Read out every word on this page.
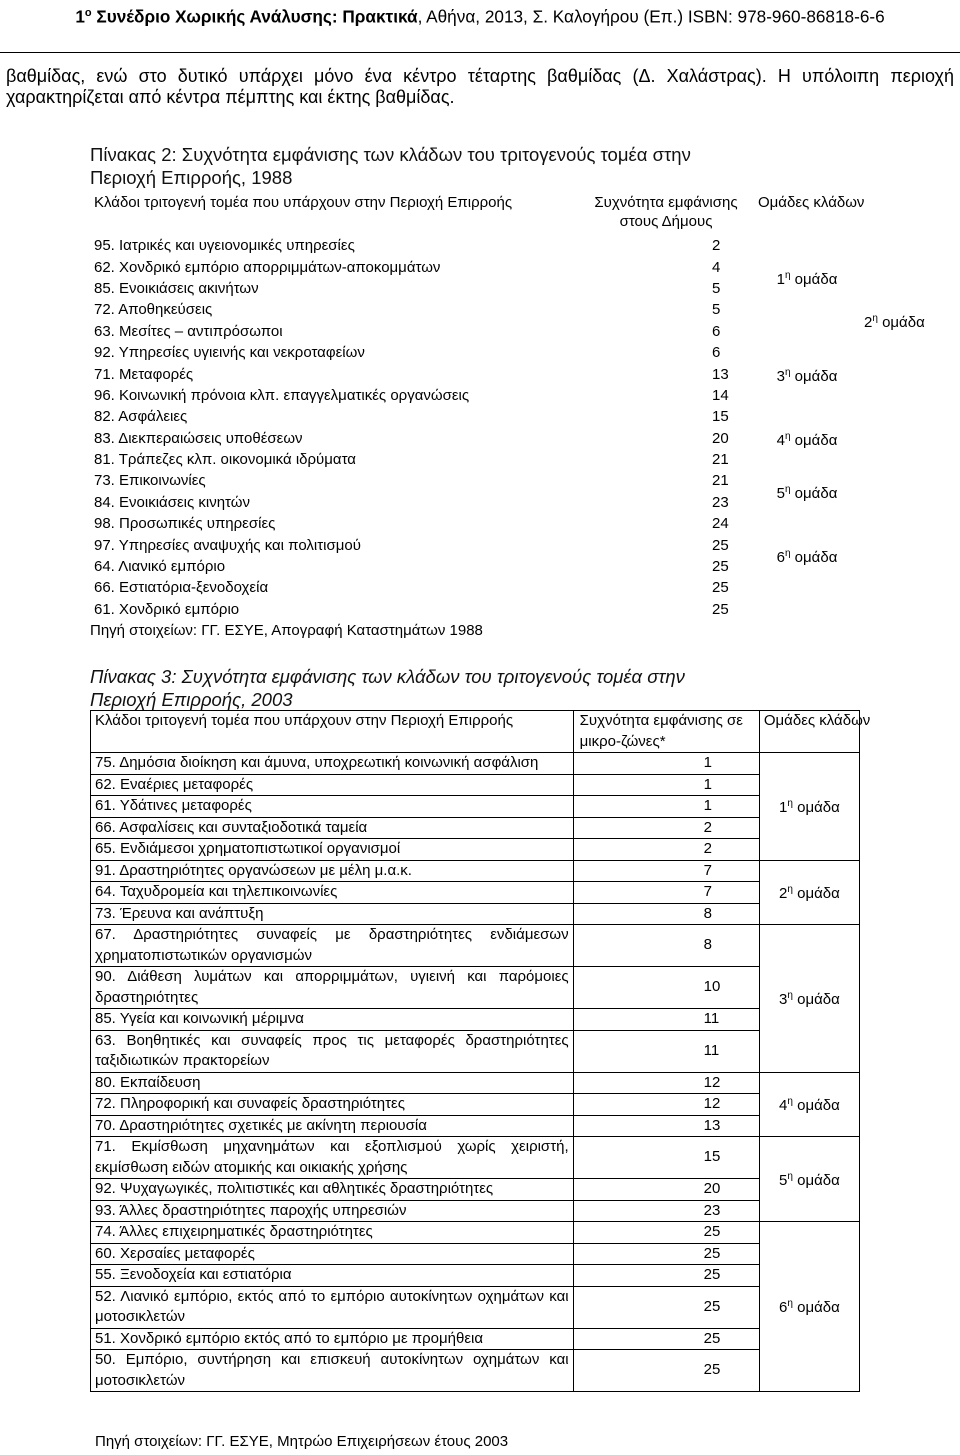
$1^o$ Συνέδριο Χωρικής Ανάλυσης: Πρακτικά, Αθήνα, 2013, Σ. Καλογήρου (Επ.) ISBN: 978-960-86818-6-6

βαθμίδας, ενώ στο δυτικό υπάρχει μόνο ένα κέντρο τέταρτης βαθμίδας (Δ. Χαλάστρας). Η υπόλοιπη περιοχή χαρακτηρίζεται από κέντρα πέμπτης και έκτης βαθμίδας.

Πίνακας 2: Συχνότητα εμφάνισης των κλάδων του τριτογενούς τομέα στην
Περιοχή Επιρροής, 1988

Κλάδοι τριτογενή τομέα που υπάρχουν στην Περιοχή Επιρροής	Συχνότητα εμφάνισης στους Δήμους	Ομάδες κλάδων	
95. Ιατρικές και υγειονομικές υπηρεσίες	2	$1^\eta$ ομάδα	
62. Χονδρικό εμπόριο απορριμμάτων-αποκομμάτων	4		
85. Ενοικιάσεις ακινήτων	5		
72. Αποθηκεύσεις	5		$2^\eta$ ομάδα
63. Μεσίτες – αντιπρόσωποι	6		
92. Υπηρεσίες υγιεινής και νεκροταφείων	6	$3^\eta$ ομάδα	
71. Μεταφορές	13		
96. Κοινωνική πρόνοια κλπ. επαγγελματικές οργανώσεις	14		
82. Ασφάλειες	15	$4^\eta$ ομάδα	
83. Διεκπεραιώσεις υποθέσεων	20		
81. Τράπεζες κλπ. οικονομικά ιδρύματα	21		
73. Επικοινωνίες	21	$5^\eta$ ομάδα	
84. Ενοικιάσεις κινητών	23		
98. Προσωπικές υπηρεσίες	24	$6^\eta$ ομάδα	
97. Υπηρεσίες αναψυχής και πολιτισμού	25		
64. Λιανικό εμπόριο	25		
66. Εστιατόρια-ξενοδοχεία	25		
61. Χονδρικό εμπόριο	25		
Πηγή στοιχείων: ΓΓ. ΕΣΥΕ, Απογραφή Καταστημάτων 1988

Πίνακας 3: Συχνότητα εμφάνισης των κλάδων του τριτογενούς τομέα στην
Περιοχή Επιρροής, 2003

Κλάδοι τριτογενή τομέα που υπάρχουν στην Περιοχή Επιρροής	Συχνότητα εμφάνισης σε μικρο-ζώνες*	Ομάδες κλάδων
75. Δημόσια διοίκηση και άμυνα, υποχρεωτική κοινωνική ασφάλιση	1	$1^\eta$ ομάδα
62. Εναέριες μεταφορές	1	
61. Υδάτινες μεταφορές	1	
66. Ασφαλίσεις και συνταξιοδοτικά ταμεία	2	
65. Ενδιάμεσοι χρηματοπιστωτικοί οργανισμοί	2	
91. Δραστηριότητες οργανώσεων με μέλη μ.α.κ.	7	$2^\eta$ ομάδα
64. Ταχυδρομεία και τηλεπικοινωνίες	7	
73. Έρευνα και ανάπτυξη	8	
67. Δραστηριότητες συναφείς με δραστηριότητες ενδιάμεσων χρηματοπιστωτικών οργανισμών	8	$3^\eta$ ομάδα
90. Διάθεση λυμάτων και απορριμμάτων, υγιεινή και παρόμοιες δραστηριότητες	10	
85. Υγεία και κοινωνική μέριμνα	11	
63. Βοηθητικές και συναφείς προς τις μεταφορές δραστηριότητες ταξιδιωτικών πρακτορείων	11	
80. Εκπαίδευση	12	$4^\eta$ ομάδα
72. Πληροφορική και συναφείς δραστηριότητες	12	
70. Δραστηριότητες σχετικές με ακίνητη περιουσία	13	
71. Εκμίσθωση μηχανημάτων και εξοπλισμού χωρίς χειριστή, εκμίσθωση ειδών ατομικής και οικιακής χρήσης	15	$5^\eta$ ομάδα
92. Ψυχαγωγικές, πολιτιστικές και αθλητικές δραστηριότητες	20	
93. Άλλες δραστηριότητες παροχής υπηρεσιών	23	
74. Άλλες επιχειρηματικές δραστηριότητες	25	$6^\eta$ ομάδα
60. Χερσαίες μεταφορές	25	
55. Ξενοδοχεία και εστιατόρια	25	
52. Λιανικό εμπόριο, εκτός από το εμπόριο αυτοκίνητων οχημάτων και μοτοσικλετών	25	
51. Χονδρικό εμπόριο εκτός από το εμπόριο με προμήθεια	25	
50. Εμπόριο, συντήρηση και επισκευή αυτοκίνητων οχημάτων και μοτοσικλετών	25	
Πηγή στοιχείων: ΓΓ. ΕΣΥΕ, Μητρώο Επιχειρήσεων έτους 2003
